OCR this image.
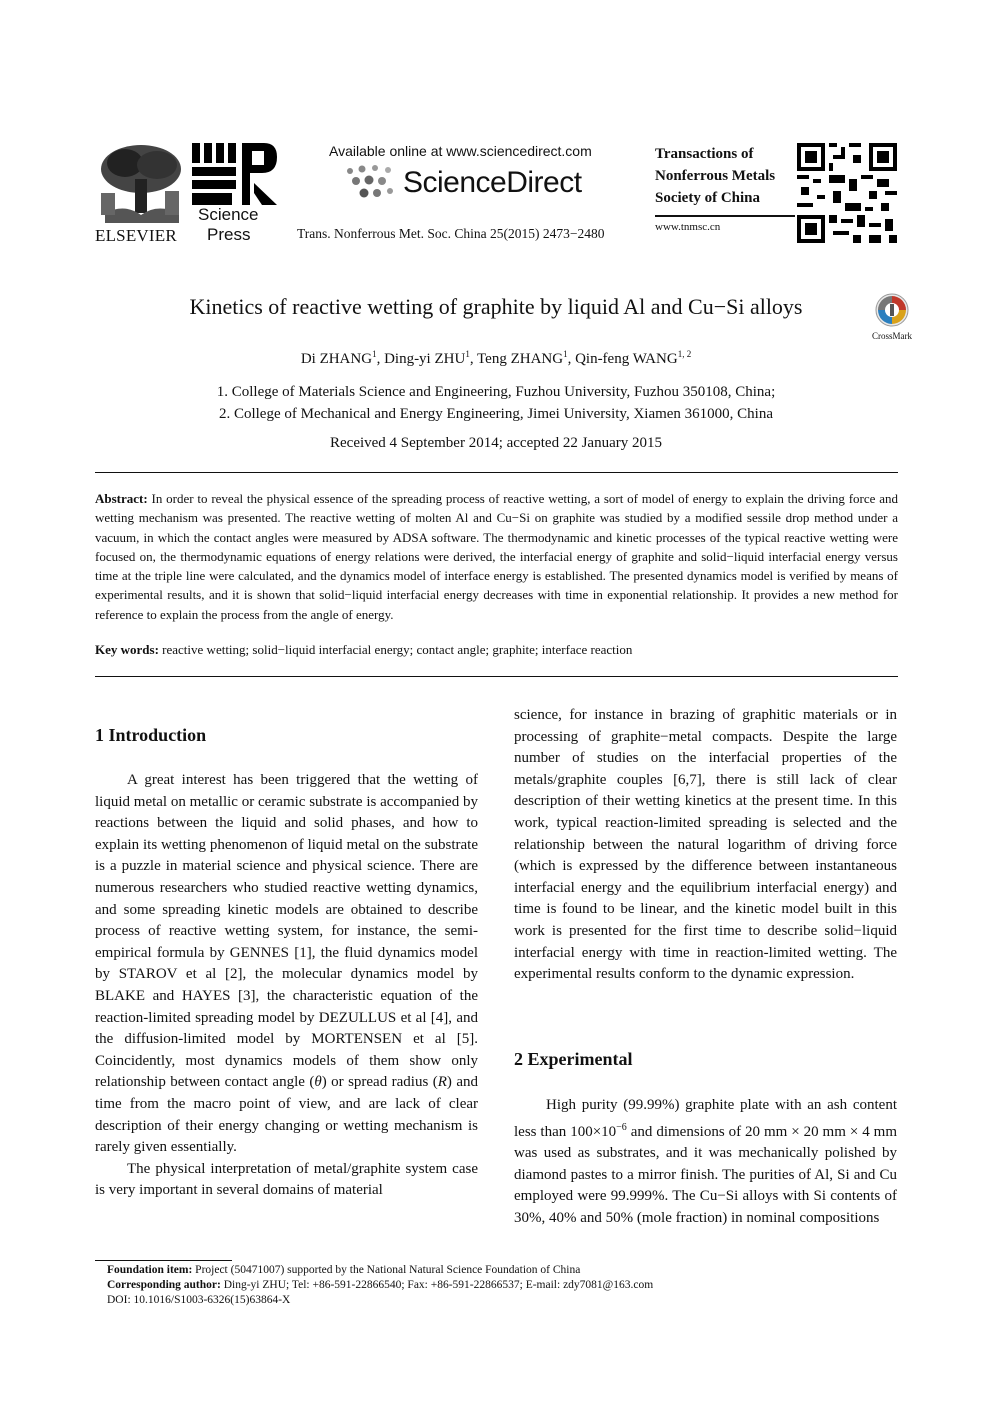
ELSEVIER
Science
Press
Available online at www.sciencedirect.com
ScienceDirect
Trans. Nonferrous Met. Soc. China 25(2015) 2473−2480
Transactions of
Nonferrous Metals
Society of China
www.tnmsc.cn
Kinetics of reactive wetting of graphite by liquid Al and Cu−Si alloys
CrossMark
Di ZHANG$^1$, Ding-yi ZHU$^1$, Teng ZHANG$^1$, Qin-feng WANG$^{1, 2}$
1. College of Materials Science and Engineering, Fuzhou University, Fuzhou 350108, China;
2. College of Mechanical and Energy Engineering, Jimei University, Xiamen 361000, China
Received 4 September 2014; accepted 22 January 2015
Abstract: In order to reveal the physical essence of the spreading process of reactive wetting, a sort of model of energy to explain the driving force and wetting mechanism was presented. The reactive wetting of molten Al and Cu−Si on graphite was studied by a modified sessile drop method under a vacuum, in which the contact angles were measured by ADSA software. The thermodynamic and kinetic processes of the typical reactive wetting were focused on, the thermodynamic equations of energy relations were derived, the interfacial energy of graphite and solid−liquid interfacial energy versus time at the triple line were calculated, and the dynamics model of interface energy is established. The presented dynamics model is verified by means of experimental results, and it is shown that solid−liquid interfacial energy decreases with time in exponential relationship. It provides a new method for reference to explain the process from the angle of energy.
Key words: reactive wetting; solid−liquid interfacial energy; contact angle; graphite; interface reaction
1 Introduction

A great interest has been triggered that the wetting of liquid metal on metallic or ceramic substrate is accompanied by reactions between the liquid and solid phases, and how to explain its wetting phenomenon of liquid metal on the substrate is a puzzle in material science and physical science. There are numerous researchers who studied reactive wetting dynamics, and some spreading kinetic models are obtained to describe process of reactive wetting system, for instance, the semi-empirical formula by GENNES [1], the fluid dynamics model by STAROV et al [2], the molecular dynamics model by BLAKE and HAYES [3], the characteristic equation of the reaction-limited spreading model by DEZULLUS et al [4], and the diffusion-limited model by MORTENSEN et al [5]. Coincidently, most dynamics models of them show only relationship between contact angle (θ) or spread radius (R) and time from the macro point of view, and are lack of clear description of their energy changing or wetting mechanism is rarely given essentially.

The physical interpretation of metal/graphite system case is very important in several domains of material

science, for instance in brazing of graphitic materials or in processing of graphite−metal compacts. Despite the large number of studies on the interfacial properties of the metals/graphite couples [6,7], there is still lack of clear description of their wetting kinetics at the present time. In this work, typical reaction-limited spreading is selected and the relationship between the natural logarithm of driving force (which is expressed by the difference between instantaneous interfacial energy and the equilibrium interfacial energy) and time is found to be linear, and the kinetic model built in this work is presented for the first time to describe solid−liquid interfacial energy with time in reaction-limited wetting. The experimental results conform to the dynamic expression.

2 Experimental

High purity (99.99%) graphite plate with an ash content less than $100\times 10^{-6}$ and dimensions of 20 mm × 20 mm × 4 mm was used as substrates, and it was mechanically polished by diamond pastes to a mirror finish. The purities of Al, Si and Cu employed were 99.999%. The Cu−Si alloys with Si contents of 30%, 40% and 50% (mole fraction) in nominal compositions

Foundation item: Project (50471007) supported by the National Natural Science Foundation of China
Corresponding author: Ding-yi ZHU; Tel: +86-591-22866540; Fax: +86-591-22866537; E-mail: zdy7081@163.com
DOI: 10.1016/S1003-6326(15)63864-X
